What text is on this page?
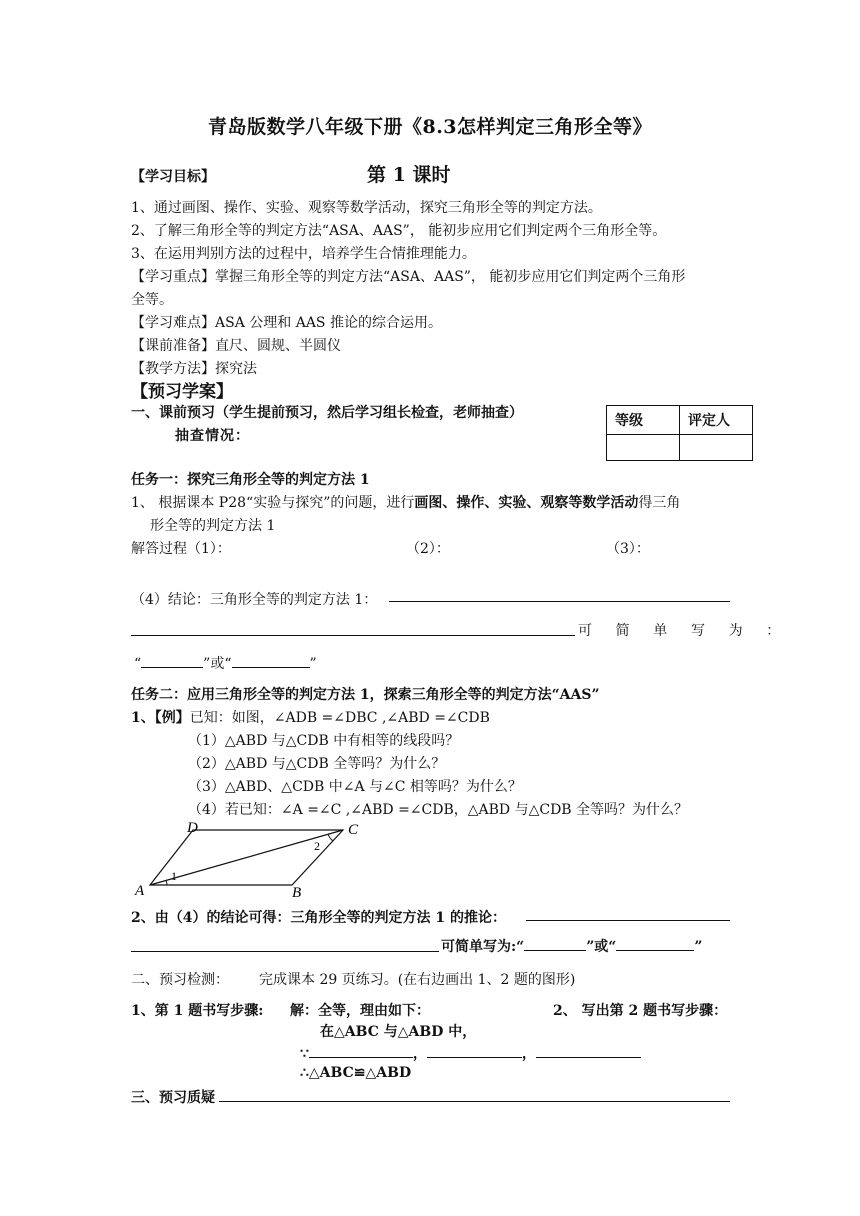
青岛版数学八年级下册《8.3怎样判定三角形全等》
【学习目标】	第 1 课时
1、通过画图、操作、实验、观察等数学活动，探究三角形全等的判定方法。
2、了解三角形全等的判定方法“ASA、AAS”， 能初步应用它们判定两个三角形全等。
3、在运用判别方法的过程中，培养学生合情推理能力。
【学习重点】掌握三角形全等的判定方法“ASA、AAS”， 能初步应用它们判定两个三角形
全等。
【学习难点】ASA 公理和 AAS 推论的综合运用。
【课前准备】直尺、圆规、半圆仪
【教学方法】探究法
【预习学案】
一、课前预习（学生提前预习，然后学习组长检查，老师抽查）
抽查情况：
等级	评定人

任务一：探究三角形全等的判定方法 1
1、 根据课本 P28“实验与探究”的问题，进行画图、操作、实验、观察等数学活动得三角
形全等的判定方法 1
解答过程（1）：	（2）：	（3）：
（4）结论：三角形全等的判定方法 1：
可 简 单 写 为 ：
“	”或“	”
任务二：应用三角形全等的判定方法 1，探索三角形全等的判定方法“AAS”
1、【例】已知：如图，∠ADB =∠DBC ,∠ABD =∠CDB
（1）△ABD 与△CDB 中有相等的线段吗？
（2）△ABD 与△CDB 全等吗？为什么？
（3）△ABD、△CDB 中∠A 与∠C 相等吗？为什么？
（4）若已知：∠A =∠C ,∠ABD =∠CDB，△ABD 与△CDB 全等吗？为什么？
A	B
C
D
1
2
2、由（4）的结论可得：三角形全等的判定方法 1 的推论：
可简单写为:“	”或“	”
二、预习检测： 完成课本 29 页练习。(在右边画出 1、2 题的图形)
1、第 1 题书写步骤: 解：全等，理由如下：	2、 写出第 2 题书写步骤：
在△ABC 与△ABD 中，
∵	，	，
∴△ABC≌△ABD
三、预习质疑
